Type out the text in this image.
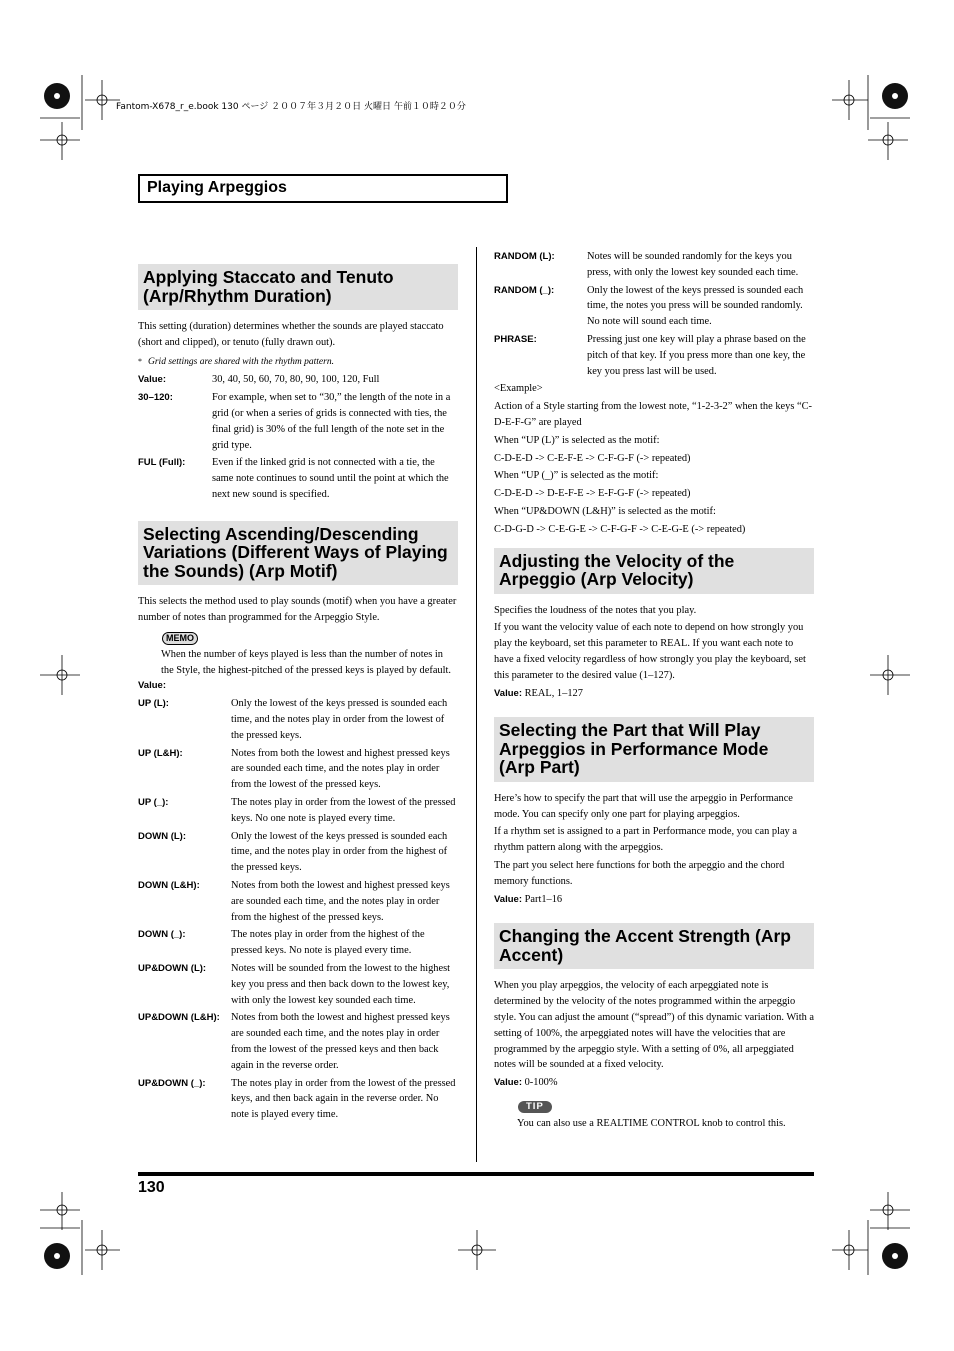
Fantom-X678_r_e.book 130 ページ ２００７年３月２０日 火曜日 午前１０時２０分
Playing Arpeggios
Applying Staccato and Tenuto (Arp/Rhythm Duration)
This setting (duration) determines whether the sounds are played staccato (short and clipped), or tenuto (fully drawn out).
* Grid settings are shared with the rhythm pattern.
Value:	30, 40, 50, 60, 70, 80, 90, 100, 120, Full
30–120:	For example, when set to “30,” the length of the note in a grid (or when a series of grids is connected with ties, the final grid) is 30% of the full length of the note set in the grid type.
FUL (Full):	Even if the linked grid is not connected with a tie, the same note continues to sound until the point at which the next new sound is specified.
Selecting Ascending/Descending Variations (Different Ways of Playing the Sounds) (Arp Motif)
This selects the method used to play sounds (motif) when you have a greater number of notes than programmed for the Arpeggio Style.
MEMO
When the number of keys played is less than the number of notes in the Style, the highest-pitched of the pressed keys is played by default.
Value:
UP (L):	Only the lowest of the keys pressed is sounded each time, and the notes play in order from the lowest of the pressed keys.
UP (L&H):	Notes from both the lowest and highest pressed keys are sounded each time, and the notes play in order from the lowest of the pressed keys.
UP (_):	The notes play in order from the lowest of the pressed keys. No one note is played every time.
DOWN (L):	Only the lowest of the keys pressed is sounded each time, and the notes play in order from the highest of the pressed keys.
DOWN (L&H):	Notes from both the lowest and highest pressed keys are sounded each time, and the notes play in order from the highest of the pressed keys.
DOWN (_):	The notes play in order from the highest of the pressed keys. No note is played every time.
UP&DOWN (L):	Notes will be sounded from the lowest to the highest key you press and then back down to the lowest key, with only the lowest key sounded each time.
UP&DOWN (L&H):	Notes from both the lowest and highest pressed keys are sounded each time, and the notes play in order from the lowest of the pressed keys and then back again in the reverse order.
UP&DOWN (_):	The notes play in order from the lowest of the pressed keys, and then back again in the reverse order. No note is played every time.
RANDOM (L):	Notes will be sounded randomly for the keys you press, with only the lowest key sounded each time.
RANDOM (_):	Only the lowest of the keys pressed is sounded each time, the notes you press will be sounded randomly. No note will sound each time.
PHRASE:	Pressing just one key will play a phrase based on the pitch of that key. If you press more than one key, the key you press last will be used.
<Example>
Action of a Style starting from the lowest note, “1-2-3-2” when the keys “C-D-E-F-G” are played
When “UP (L)” is selected as the motif:
C-D-E-D -> C-E-F-E -> C-F-G-F (-> repeated)
When “UP (_)” is selected as the motif:
C-D-E-D -> D-E-F-E -> E-F-G-F (-> repeated)
When “UP&DOWN (L&H)” is selected as the motif:
C-D-G-D -> C-E-G-E -> C-F-G-F -> C-E-G-E (-> repeated)
Adjusting the Velocity of the Arpeggio (Arp Velocity)
Specifies the loudness of the notes that you play.
If you want the velocity value of each note to depend on how strongly you play the keyboard, set this parameter to REAL. If you want each note to have a fixed velocity regardless of how strongly you play the keyboard, set this parameter to the desired value (1–127).
Value: REAL, 1–127
Selecting the Part that Will Play Arpeggios in Performance Mode (Arp Part)
Here’s how to specify the part that will use the arpeggio in Performance mode. You can specify only one part for playing arpeggios.
If a rhythm set is assigned to a part in Performance mode, you can play a rhythm pattern along with the arpeggios.
The part you select here functions for both the arpeggio and the chord memory functions.
Value: Part1–16
Changing the Accent Strength (Arp Accent)
When you play arpeggios, the velocity of each arpeggiated note is determined by the velocity of the notes programmed within the arpeggio style. You can adjust the amount (“spread”) of this dynamic variation. With a setting of 100%, the arpeggiated notes will have the velocities that are programmed by the arpeggio style. With a setting of 0%, all arpeggiated notes will be sounded at a fixed velocity.
Value: 0-100%
TIP
You can also use a REALTIME CONTROL knob to control this.
130
